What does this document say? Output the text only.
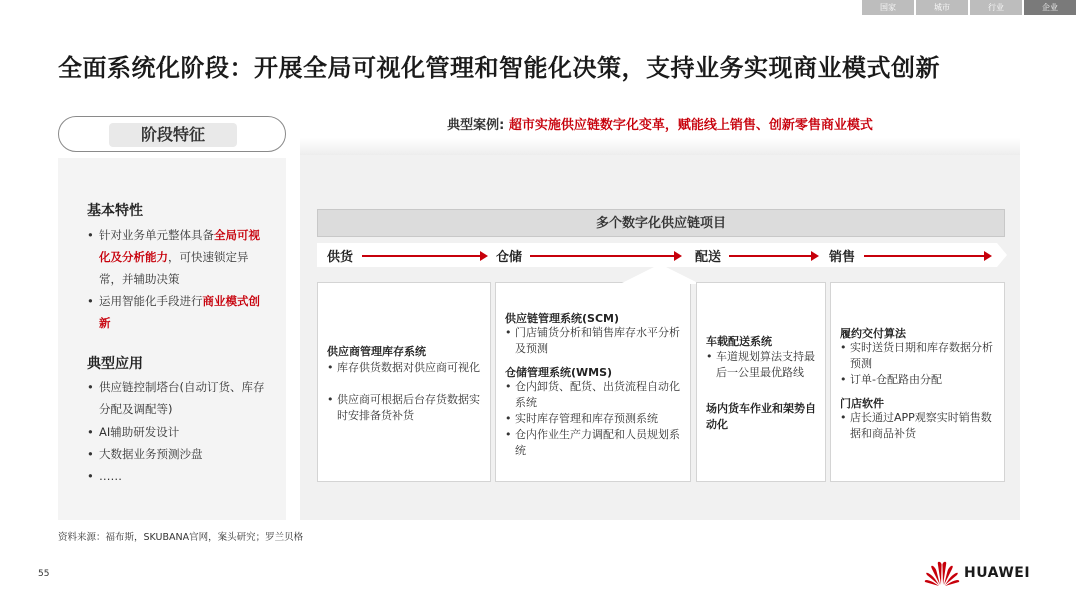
国家	城市	行业	企业
全面系统化阶段：开展全局可视化管理和智能化决策，支持业务实现商业模式创新
阶段特征
基本特性
• 针对业务单元整体具备全局可视化及分析能力，可快速锁定异常，并辅助决策
• 运用智能化手段进行商业模式创新
典型应用
• 供应链控制塔台(自动订货、库存分配及调配等)
• AI辅助研发设计
• 大数据业务预测沙盘
• ……
典型案例: 超市实施供应链数字化变革，赋能线上销售、创新零售商业模式
多个数字化供应链项目
供货	仓储	配送	销售
供应商管理库存系统
• 库存供货数据对供应商可视化
• 供应商可根据后台存货数据实时安排备货补货
供应链管理系统(SCM)
• 门店铺货分析和销售库存水平分析及预测
仓储管理系统(WMS)
• 仓内卸货、配货、出货流程自动化系统
• 实时库存管理和库存预测系统
• 仓内作业生产力调配和人员规划系统
车载配送系统
• 车道规划算法支持最后一公里最优路线
场内货车作业和架势自动化
履约交付算法
• 实时送货日期和库存数据分析预测
• 订单-仓配路由分配
门店软件
• 店长通过APP观察实时销售数据和商品补货
资料来源：福布斯，SKUBANA官网，案头研究；罗兰贝格
55	HUAWEI
